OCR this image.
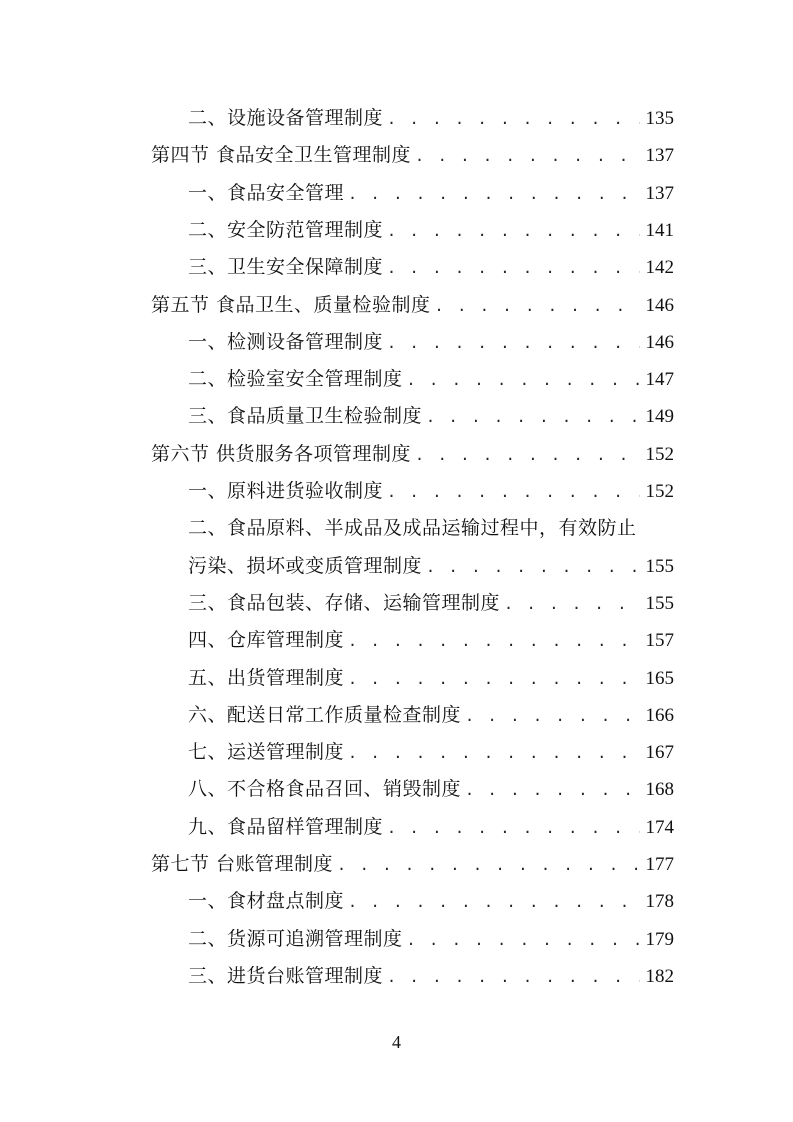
二、设施设备管理制度 . . .	135
第四节 食品安全卫生管理制度 . . .	137
一、食品安全管理 . . .	137
二、安全防范管理制度 . . .	141
三、卫生安全保障制度 . . .	142
第五节 食品卫生、质量检验制度 . . .	146
一、检测设备管理制度 . . .	146
二、检验室安全管理制度 . . .	147
三、食品质量卫生检验制度 . . .	149
第六节 供货服务各项管理制度 . . .	152
一、原料进货验收制度 . . .	152
二、食品原料、半成品及成品运输过程中，有效防止
污染、损坏或变质管理制度 . . .	155
三、食品包装、存储、运输管理制度 . . .	155
四、仓库管理制度 . . .	157
五、出货管理制度 . . .	165
六、配送日常工作质量检查制度 . . .	166
七、运送管理制度 . . .	167
八、不合格食品召回、销毁制度 . . .	168
九、食品留样管理制度 . . .	174
第七节 台账管理制度 . . .	177
一、食材盘点制度 . . .	178
二、货源可追溯管理制度 . . .	179
三、进货台账管理制度 . . .	182
4
